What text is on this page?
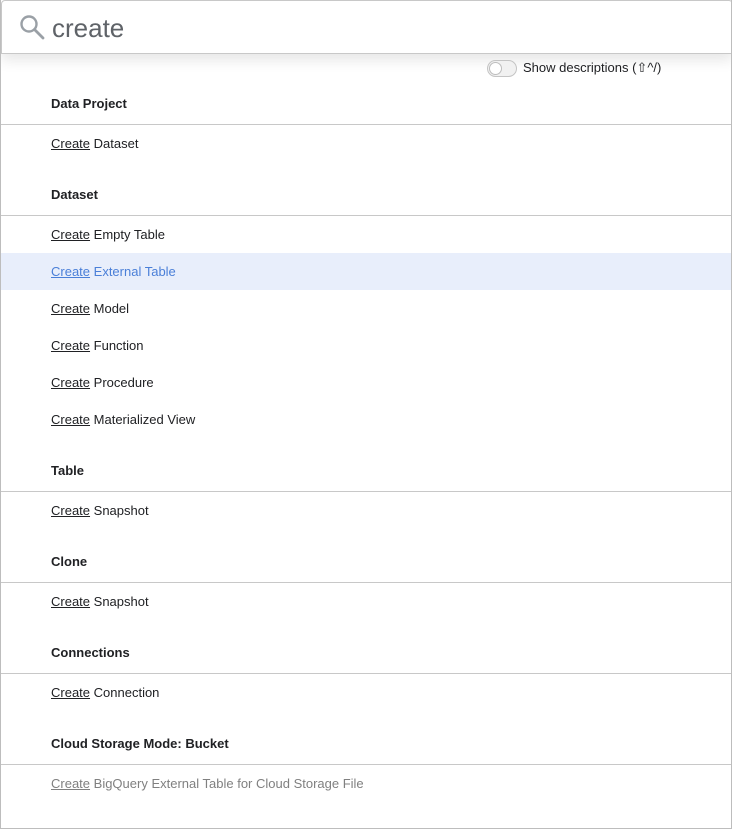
create
Show descriptions (⇧^/)
Data Project
Create Dataset
Dataset
Create Empty Table
Create External Table
Create Model
Create Function
Create Procedure
Create Materialized View
Table
Create Snapshot
Clone
Create Snapshot
Connections
Create Connection
Cloud Storage Mode: Bucket
Create BigQuery External Table for Cloud Storage File
